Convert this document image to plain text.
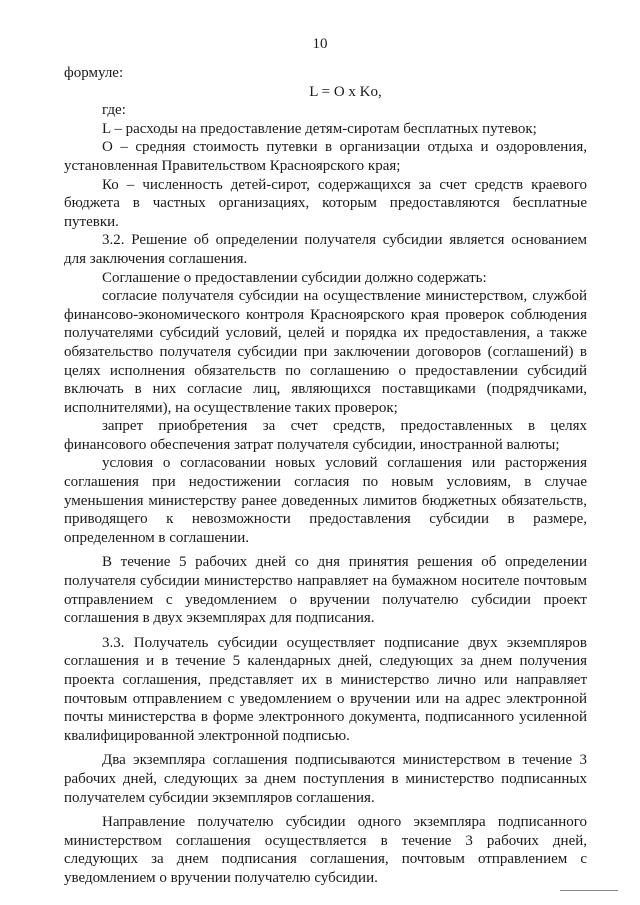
10

формуле:

L = O x Ko,

где:

L – расходы на предоставление детям-сиротам бесплатных путевок;

О – средняя стоимость путевки в организации отдыха и оздоровления, установленная Правительством Красноярского края;

Ко – численность детей-сирот, содержащихся за счет средств краевого бюджета в частных организациях, которым предоставляются бесплатные путевки.

3.2. Решение об определении получателя субсидии является основанием для заключения соглашения.

Соглашение о предоставлении субсидии должно содержать:

согласие получателя субсидии на осуществление министерством, службой финансово-экономического контроля Красноярского края проверок соблюдения получателями субсидий условий, целей и порядка их предоставления, а также обязательство получателя субсидии при заключении договоров (соглашений) в целях исполнения обязательств по соглашению о предоставлении субсидий включать в них согласие лиц, являющихся поставщиками (подрядчиками, исполнителями), на осуществление таких проверок;

запрет приобретения за счет средств, предоставленных в целях финансового обеспечения затрат получателя субсидии, иностранной валюты;

условия о согласовании новых условий соглашения или расторжения соглашения при недостижении согласия по новым условиям, в случае уменьшения министерству ранее доведенных лимитов бюджетных обязательств, приводящего к невозможности предоставления субсидии в размере, определенном в соглашении.

В течение 5 рабочих дней со дня принятия решения об определении получателя субсидии министерство направляет на бумажном носителе почтовым отправлением с уведомлением о вручении получателю субсидии проект соглашения в двух экземплярах для подписания.

3.3. Получатель субсидии осуществляет подписание двух экземпляров соглашения и в течение 5 календарных дней, следующих за днем получения проекта соглашения, представляет их в министерство лично или направляет почтовым отправлением с уведомлением о вручении или на адрес электронной почты министерства в форме электронного документа, подписанного усиленной квалифицированной электронной подписью.

Два экземпляра соглашения подписываются министерством в течение 3 рабочих дней, следующих за днем поступления в министерство подписанных получателем субсидии экземпляров соглашения.

Направление получателю субсидии одного экземпляра подписанного министерством соглашения осуществляется в течение 3 рабочих дней, следующих за днем подписания соглашения, почтовым отправлением с уведомлением о вручении получателю субсидии.
